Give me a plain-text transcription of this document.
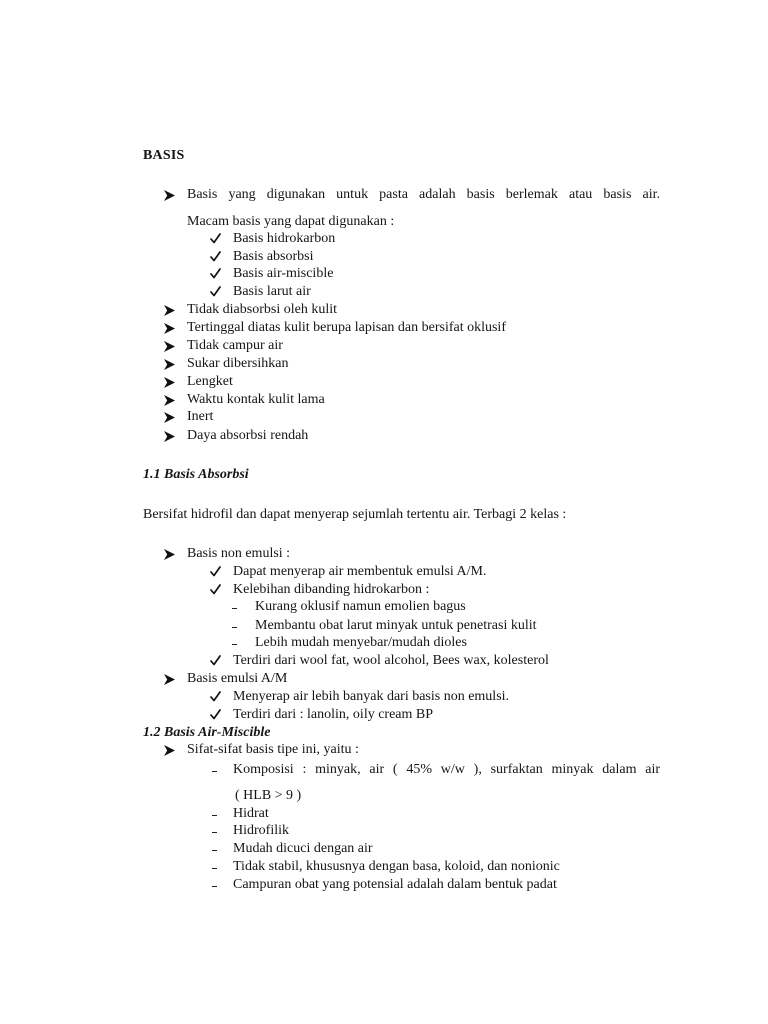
BASIS
Basis yang digunakan untuk pasta adalah basis berlemak atau basis air.
Macam basis yang dapat digunakan :
Basis hidrokarbon
Basis absorbsi
Basis air-miscible
Basis larut air
Tidak diabsorbsi oleh kulit
Tertinggal diatas kulit berupa lapisan dan bersifat oklusif
Tidak campur air
Sukar dibersihkan
Lengket
Waktu kontak kulit lama
Inert
Daya absorbsi rendah
1.1 Basis Absorbsi
Bersifat hidrofil dan dapat menyerap sejumlah tertentu air. Terbagi 2 kelas :
Basis non emulsi :
Dapat menyerap air membentuk emulsi A/M.
Kelebihan dibanding hidrokarbon :
Kurang oklusif namun emolien bagus
Membantu obat larut minyak untuk penetrasi kulit
Lebih mudah menyebar/mudah dioles
Terdiri dari wool fat, wool alcohol, Bees wax, kolesterol
Basis emulsi A/M
Menyerap air lebih banyak dari basis non emulsi.
Terdiri dari : lanolin, oily cream BP
1.2 Basis Air-Miscible
Sifat-sifat basis tipe ini, yaitu :
Komposisi : minyak, air ( 45% w/w ), surfaktan minyak dalam air
( HLB > 9 )
Hidrat
Hidrofilik
Mudah dicuci dengan air
Tidak stabil, khususnya dengan basa, koloid, dan nonionic
Campuran obat yang potensial adalah dalam bentuk padat
